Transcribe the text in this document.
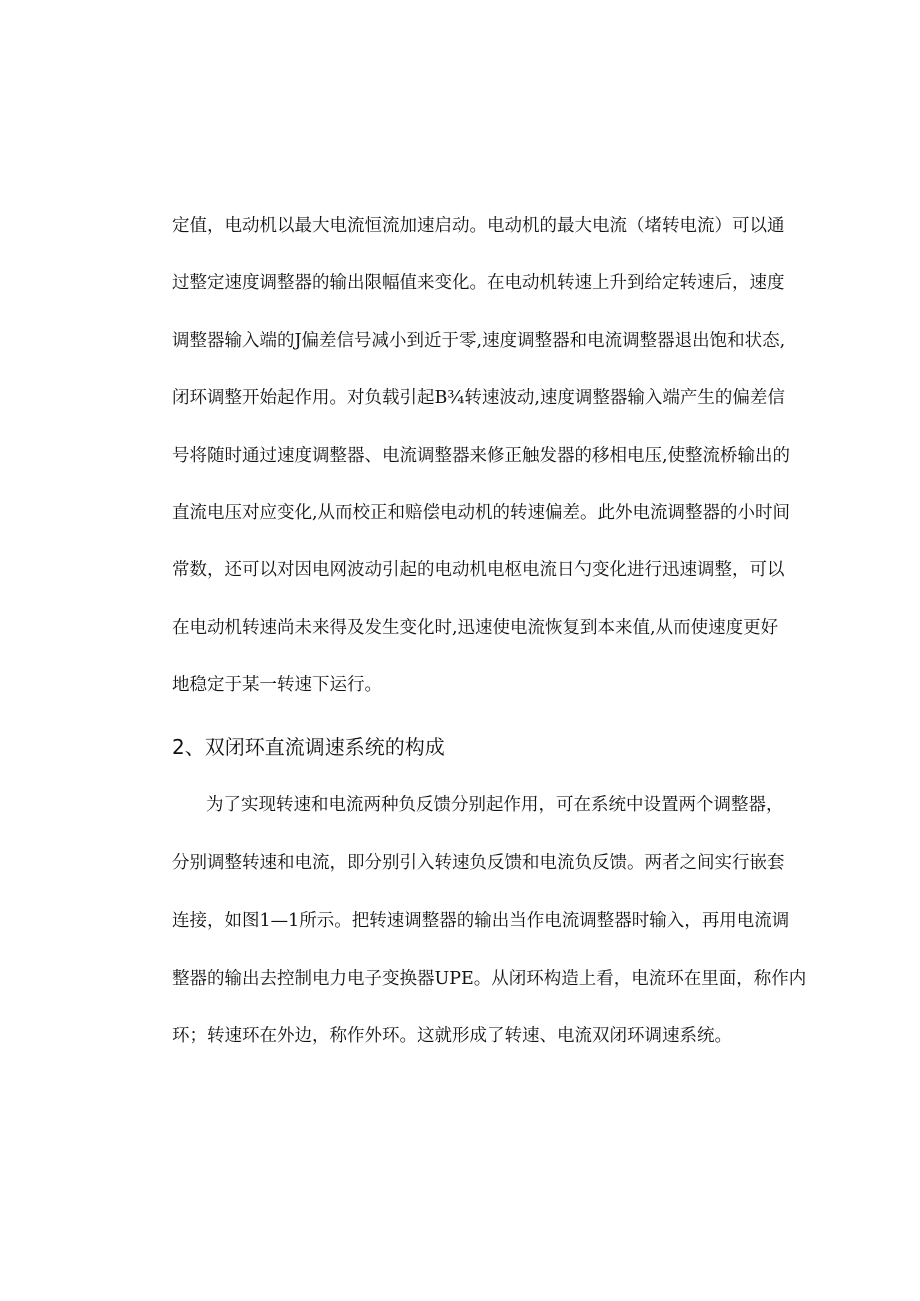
定值，电动机以最大电流恒流加速启动。电动机的最大电流（堵转电流）可以通
过整定速度调整器的输出限幅值来变化。在电动机转速上升到给定转速后，速度
调整器输入端的J偏差信号减小到近于零,速度调整器和电流调整器退出饱和状态,
闭环调整开始起作用。对负载引起B¾转速波动,速度调整器输入端产生的偏差信
号将随时通过速度调整器、电流调整器来修正触发器的移相电压,使整流桥输出的
直流电压对应变化,从而校正和赔偿电动机的转速偏差。此外电流调整器的小时间
常数，还可以对因电网波动引起的电动机电枢电流日勺变化进行迅速调整，可以
在电动机转速尚未来得及发生变化时,迅速使电流恢复到本来值,从而使速度更好
地稳定于某一转速下运行。
2、双闭环直流调速系统的构成
为了实现转速和电流两种负反馈分别起作用，可在系统中设置两个调整器，
分别调整转速和电流，即分别引入转速负反馈和电流负反馈。两者之间实行嵌套
连接，如图1—1所示。把转速调整器的输出当作电流调整器时输入，再用电流调
整器的输出去控制电力电子变换器UPE。从闭环构造上看，电流环在里面，称作内
环；转速环在外边，称作外环。这就形成了转速、电流双闭环调速系统。
